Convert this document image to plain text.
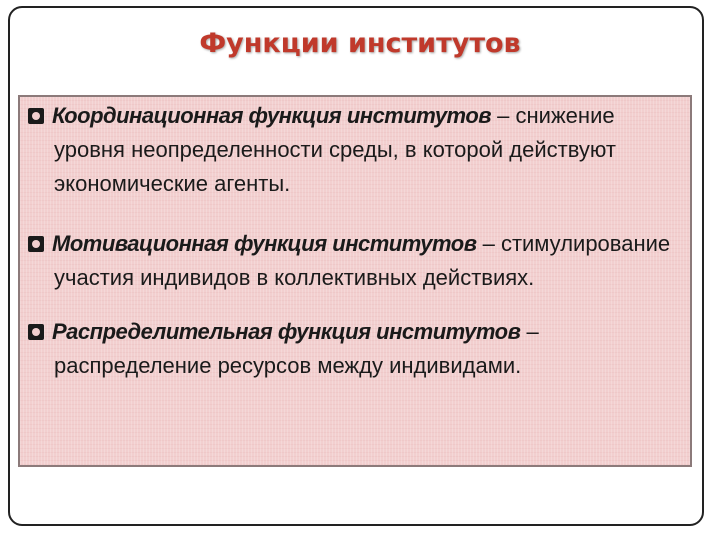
Функции институтов
Координационная функция институтов – снижение
уровня неопределенности среды, в которой действуют
экономические агенты.
Мотивационная функция институтов – стимулирование
участия индивидов в коллективных действиях.
Распределительная функция институтов –
распределение ресурсов между индивидами.
